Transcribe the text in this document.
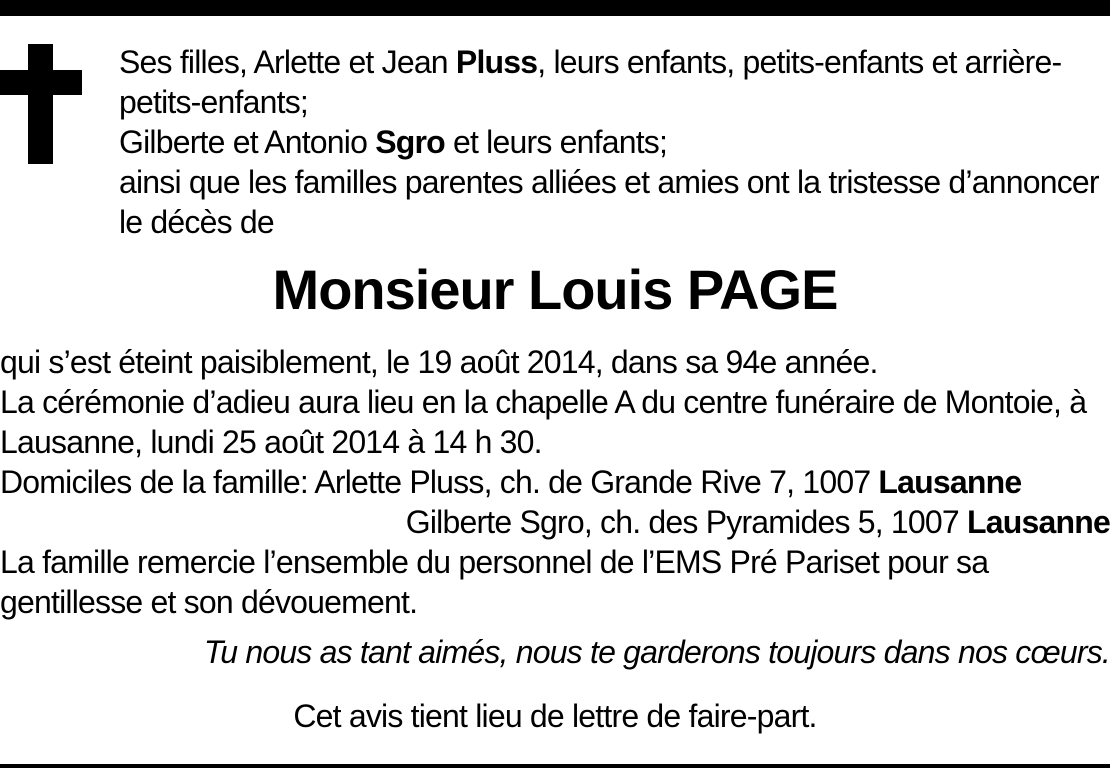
Ses filles, Arlette et Jean Pluss, leurs enfants, petits-enfants et arrière-petits-enfants;

Gilberte et Antonio Sgro et leurs enfants;

ainsi que les familles parentes alliées et amies ont la tristesse d’annoncer le décès de

Monsieur Louis PAGE

qui s’est éteint paisiblement, le 19 août 2014, dans sa 94e année.

La cérémonie d’adieu aura lieu en la chapelle A du centre funéraire de Montoie, à Lausanne, lundi 25 août 2014 à 14 h 30.

Domiciles de la famille: Arlette Pluss, ch. de Grande Rive 7, 1007 Lausanne

Gilberte Sgro, ch. des Pyramides 5, 1007 Lausanne

La famille remercie l’ensemble du personnel de l’EMS Pré Pariset pour sa gentillesse et son dévouement.

Tu nous as tant aimés, nous te garderons toujours dans nos cœurs.
Cet avis tient lieu de lettre de faire-part.
